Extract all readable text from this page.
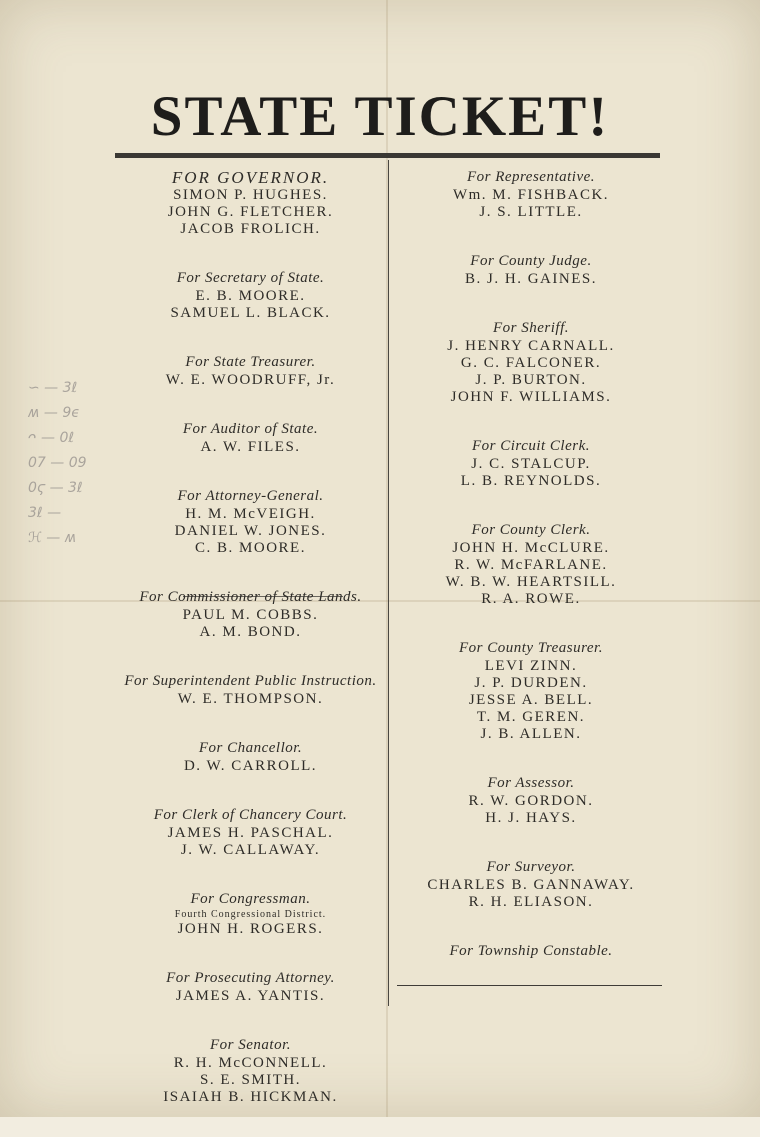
STATE TICKET!
∽ — 3ℓ
ʍ — 9ϵ
ᴖ — 0ℓ
07 — 09
0ϛ — 3ℓ
3ℓ —
ℋ — ʍ

FOR GOVERNOR.

SIMON P. HUGHES.

JOHN G. FLETCHER.

JACOB FROLICH.

For Secretary of State.

E. B. MOORE.

SAMUEL L. BLACK.

For State Treasurer.

W. E. WOODRUFF, Jr.

For Auditor of State.

A. W. FILES.

For Attorney-General.

H. M. McVEIGH.

DANIEL W. JONES.

C. B. MOORE.

For Commissioner of State Lands.

PAUL M. COBBS.

A. M. BOND.

For Superintendent Public Instruction.

W. E. THOMPSON.

For Chancellor.

D. W. CARROLL.

For Clerk of Chancery Court.

JAMES H. PASCHAL.

J. W. CALLAWAY.

For Congressman.

Fourth Congressional District.

JOHN H. ROGERS.

For Prosecuting Attorney.

JAMES A. YANTIS.

For Senator.

R. H. McCONNELL.

S. E. SMITH.

ISAIAH B. HICKMAN.

For Representative.

Wm. M. FISHBACK.

J. S. LITTLE.

For County Judge.

B. J. H. GAINES.

For Sheriff.

J. HENRY CARNALL.

G. C. FALCONER.

J. P. BURTON.

JOHN F. WILLIAMS.

For Circuit Clerk.

J. C. STALCUP.

L. B. REYNOLDS.

For County Clerk.

JOHN H. McCLURE.

R. W. McFARLANE.

W. B. W. HEARTSILL.

R. A. ROWE.

For County Treasurer.

LEVI ZINN.

J. P. DURDEN.

JESSE A. BELL.

T. M. GEREN.

J. B. ALLEN.

For Assessor.

R. W. GORDON.

H. J. HAYS.

For Surveyor.

CHARLES B. GANNAWAY.

R. H. ELIASON.

For Township Constable.
